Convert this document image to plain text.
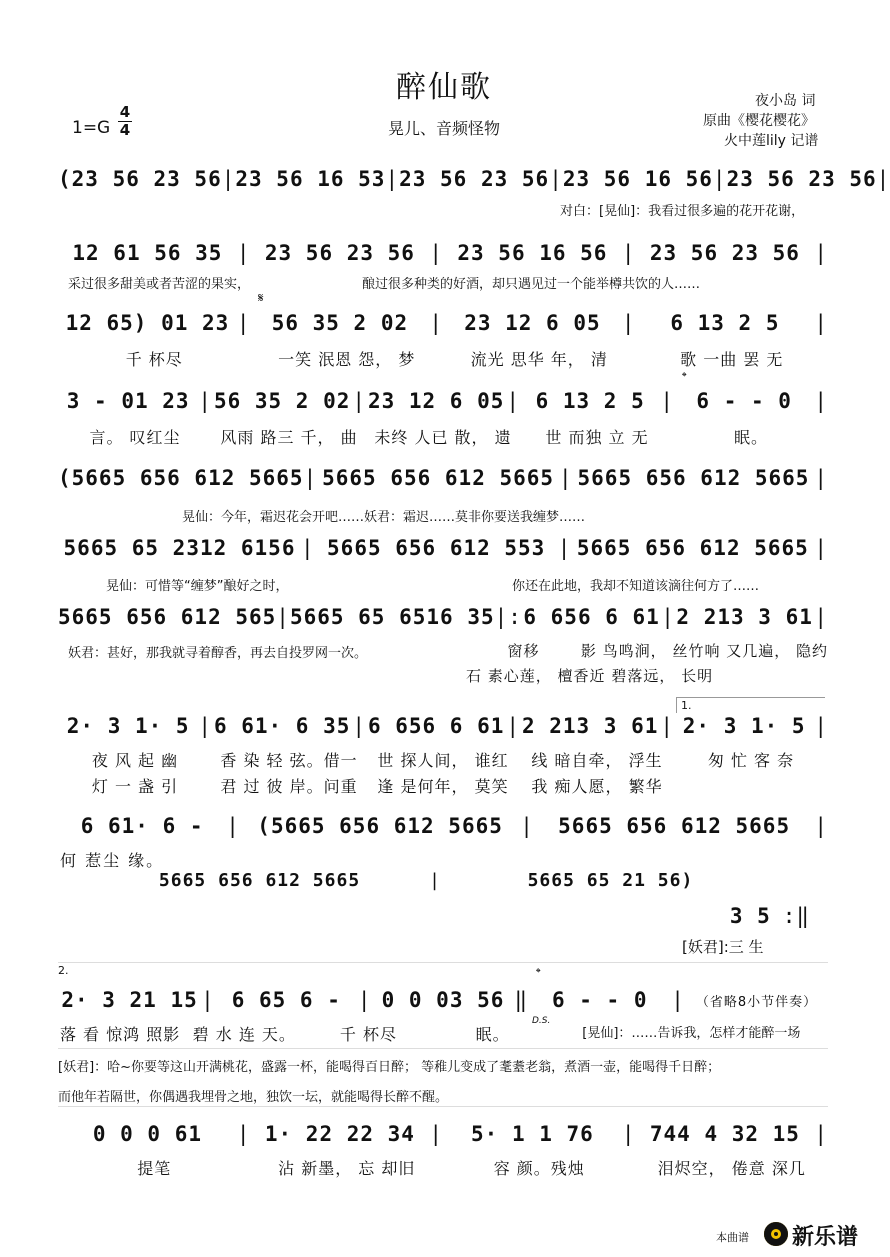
醉仙歌
晃儿、音频怪物
1=G
4
4
夜小岛 词
原曲《樱花樱花》
火中莲lily 记谱
(23 56 23 56 | 23 56 16 53 | 23 56 23 56 | 23 56 16 56 | 23 56 23 56 |
对白：[晃仙]：我看过很多遍的花开花谢，
12 61 56 35 | 23 56 23 56 | 23 56 16 56 | 23 56 23 56 |
采过很多甜美或者苦涩的果实，	酿过很多种类的好酒，却只遇见过一个能举樽共饮的人……
𝄋
12 65) 01 23 |	56 35 2 02	|	23 12 6 05	|	6 13 2 5	|
千 杯尽	一笑 泯恩 怨， 梦	流光 思华 年， 清	歌 一曲 罢 无
𝄌
3 - 01 23 | 56 35 2 02 | 23 12 6 05 | 6 13 2 5 |	6 - - 0	|
言。 叹红尘	风雨 路三 千， 曲	未终 人已 散， 遗	世 而独 立 无	眠。
(5665 656 612 5665 | 5665 656 612 5665 | 5665 656 612 5665 |
晃仙：今年，霜迟花会开吧……妖君：霜迟……莫非你要送我缠梦……
5665 65 2312 6156 | 5665 656 612 553 | 5665 656 612 5665 |
晃仙：可惜等“缠梦”酿好之时，	你还在此地，我却不知道该滴往何方了……
5665 656 612 565 | 5665 65 6516 35 |: 6 656 6 61 | 2 213 3 61 |
妖君：甚好，那我就寻着醇香，再去自投罗网一次。	窗移	影 鸟鸣涧， 丝竹 响 又几遍， 隐约
石 素心莲， 檀香 近 碧落远， 长明
1.
2· 3 1· 5 | 6 61· 6 35 | 6 656 6 61 | 2 213 3 61 | 2· 3 1· 5 |
夜 风 起 幽	香 染 轻 弦。借一	世 探人间， 谁红	线 暗自牵， 浮生	匆 忙 客 奈
灯 一 盏 引	君 过 彼 岸。问重	逢 是何年， 莫笑	我 痴人愿， 繁华
6 61· 6 -	| (5665 656 612 5665 |	5665 656 612 5665	|
何 惹尘 缘。
5665 656 612 5665	|	5665 65 21 56)
3 5 :‖
[妖君]:三 生
2.	𝄌
2· 3 21 15 | 6 65 6 - | 0 0 03 56 ‖	6 - - 0	| （省略8小节伴奏）
D.S.
落 看 惊鸿 照影 碧 水 连 天。	千 杯尽	眠。	[晃仙]：……告诉我，怎样才能醉一场
[妖君]：哈~你要等这山开满桃花，盛露一杯，能喝得百日醉； 等稚儿变成了耄耋老翁，煮酒一壶，能喝得千日醉；
而他年若隔世，你偶遇我埋骨之地，独饮一坛，就能喝得长醉不醒。
0 0 0 61	| 1· 22 22 34 |	5· 1 1 76	| 744 4 32 15 |
提笔	沾 新墨， 忘 却旧	容 颜。残烛	泪烬空， 倦意 深几
本曲谱 新乐谱
